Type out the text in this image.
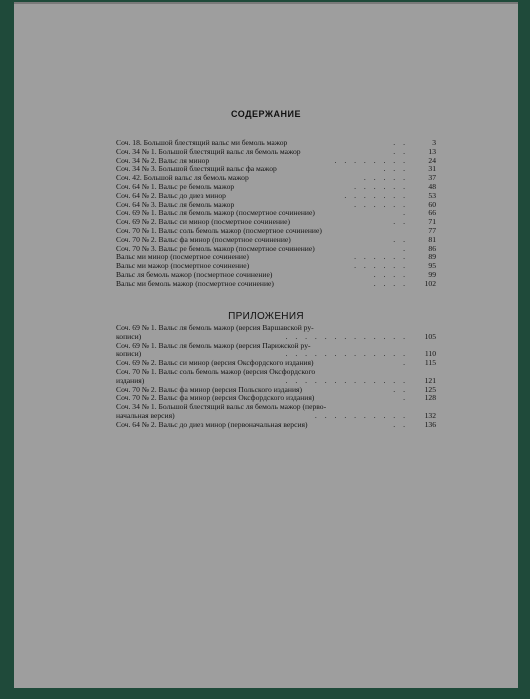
СОДЕРЖАНИЕ
Соч. 18. Большой блестящий вальс ми бемоль мажор	. .	3
Соч. 34 № 1. Большой блестящий вальс ля бемоль мажор	. .	13
Соч. 34 № 2. Вальс ля минор	. . . . . . . .	24
Соч. 34 № 3. Большой блестящий вальс фа мажор	. . .	31
Соч. 42. Большой вальс ля бемоль мажор	. . . . .	37
Соч. 64 № 1. Вальс ре бемоль мажор	. . . . . .	48
Соч. 64 № 2. Вальс до диез минор	. . . . . . .	53
Соч. 64 № 3. Вальс ля бемоль мажор	. . . . . .	60
Соч. 69 № 1. Вальс ля бемоль мажор (посмертное сочинение)	.	66
Соч. 69 № 2. Вальс си минор (посмертное сочинение)	. .	71
Соч. 70 № 1. Вальс соль бемоль мажор (посмертное сочинение)	77
Соч. 70 № 2. Вальс фа минор (посмертное сочинение)	. .	81
Соч. 70 № 3. Вальс ре бемоль мажор (посмертное сочинение)	.	86
Вальс ми минор (посмертное сочинение)	. . . . . .	89
Вальс ми мажор (посмертное сочинение)	. . . . . .	95
Вальс ля бемоль мажор (посмертное сочинение)	. . . .	99
Вальс ми бемоль мажор (посмертное сочинение)	. . . .	102
ПРИЛОЖЕНИЯ
Соч. 69 № 1. Вальс ля бемоль мажор (версия Варшавской ру-
кописи)	. . . . . . . . . . . . .	105
Соч. 69 № 1. Вальс ля бемоль мажор (версия Парижской ру-
кописи)	. . . . . . . . . . . . .	110
Соч. 69 № 2. Вальс си минор (версия Оксфордского издания)	.	115
Соч. 70 № 1. Вальс соль бемоль мажор (версия Оксфордского
издания)	. . . . . . . . . . . . .	121
Соч. 70 № 2. Вальс фа минор (версия Польского издания)	. .	125
Соч. 70 № 2. Вальс фа минор (версия Оксфордского издания)	.	128
Соч. 34 № 1. Большой блестящий вальс ля бемоль мажор (перво-
начальная версия)	. . . . . . . . . .	132
Соч. 64 № 2. Вальс до диез минор (первоначальная версия)	. .	136
